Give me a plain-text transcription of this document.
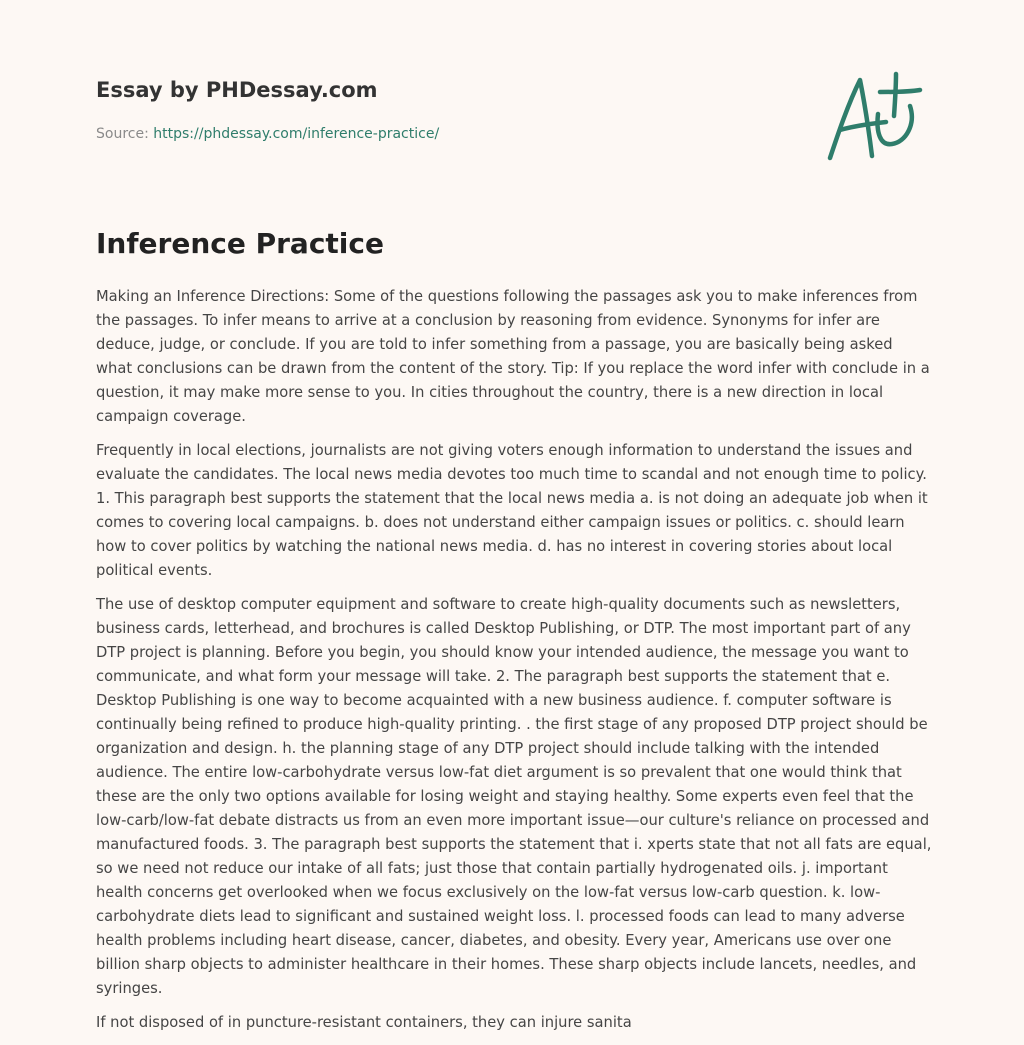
Essay by PHDessay.com
Source: https://phdessay.com/inference-practice/
Inference Practice

Making an Inference Directions: Some of the questions following the passages ask you to make inferences from the passages. To infer means to arrive at a conclusion by reasoning from evidence. Synonyms for infer are deduce, judge, or conclude. If you are told to infer something from a passage, you are basically being asked what conclusions can be drawn from the content of the story. Tip: If you replace the word infer with conclude in a question, it may make more sense to you. In cities throughout the country, there is a new direction in local campaign coverage.

Frequently in local elections, journalists are not giving voters enough information to understand the issues and evaluate the candidates. The local news media devotes too much time to scandal and not enough time to policy. 1. This paragraph best supports the statement that the local news media a. is not doing an adequate job when it comes to covering local campaigns. b. does not understand either campaign issues or politics. c. should learn how to cover politics by watching the national news media. d. has no interest in covering stories about local political events.

The use of desktop computer equipment and software to create high-quality documents such as newsletters, business cards, letterhead, and brochures is called Desktop Publishing, or DTP. The most important part of any DTP project is planning. Before you begin, you should know your intended audience, the message you want to communicate, and what form your message will take. 2. The paragraph best supports the statement that e. Desktop Publishing is one way to become acquainted with a new business audience. f. computer software is continually being refined to produce high-quality printing. . the first stage of any proposed DTP project should be organization and design. h. the planning stage of any DTP project should include talking with the intended audience. The entire low-carbohydrate versus low-fat diet argument is so prevalent that one would think that these are the only two options available for losing weight and staying healthy. Some experts even feel that the low-carb/low-fat debate distracts us from an even more important issue—our culture's reliance on processed and manufactured foods. 3. The paragraph best supports the statement that i. xperts state that not all fats are equal, so we need not reduce our intake of all fats; just those that contain partially hydrogenated oils. j. important health concerns get overlooked when we focus exclusively on the low-fat versus low-carb question. k. low-carbohydrate diets lead to significant and sustained weight loss. l. processed foods can lead to many adverse health problems including heart disease, cancer, diabetes, and obesity. Every year, Americans use over one billion sharp objects to administer healthcare in their homes. These sharp objects include lancets, needles, and syringes.

If not disposed of in puncture-resistant containers, they can injure sanita
